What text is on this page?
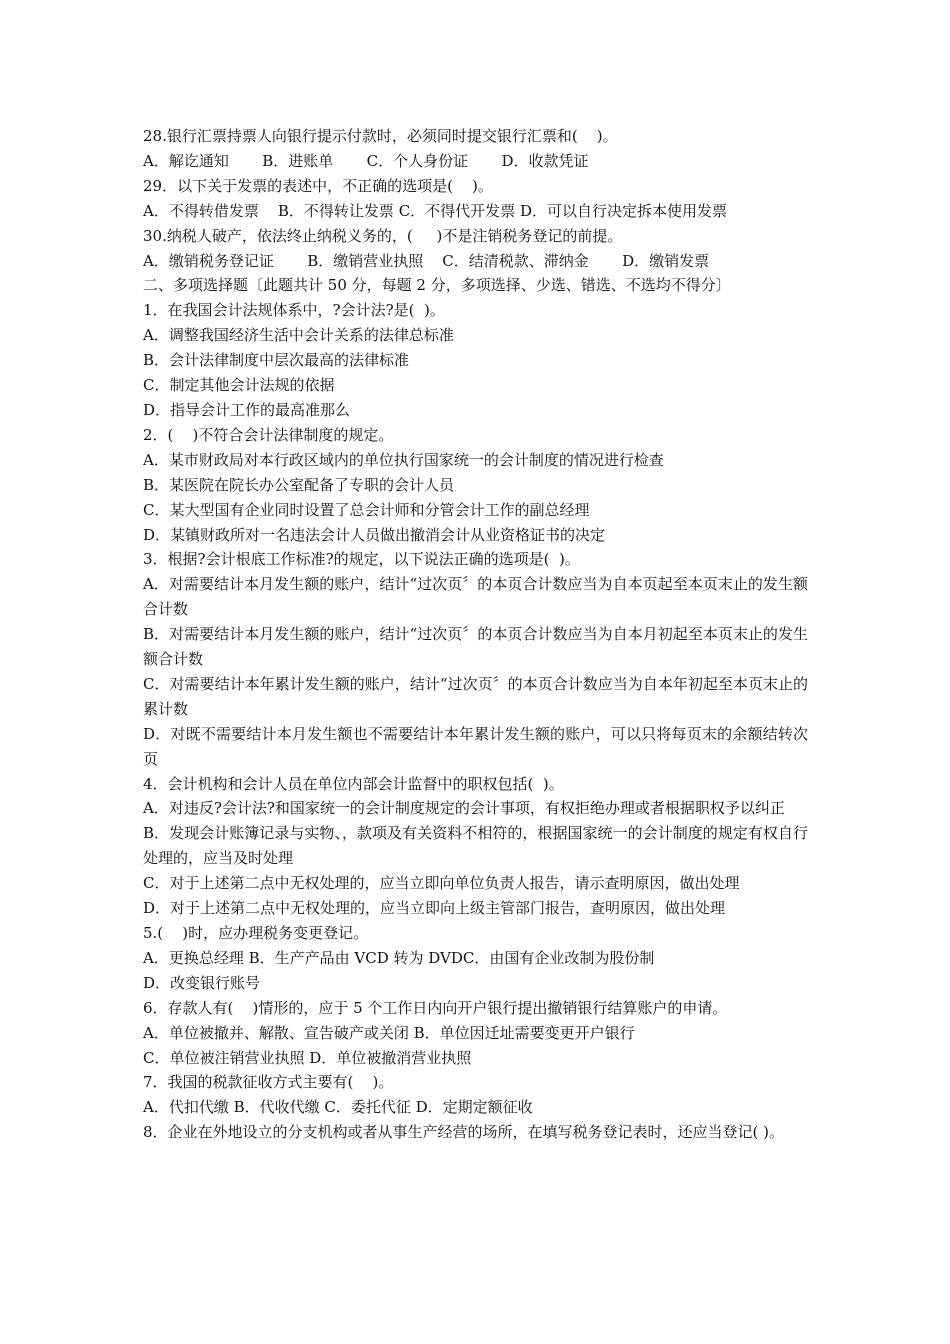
28.银行汇票持票人向银行提示付款时，必须同时提交银行汇票和(    )。
A．解讫通知       B．进账单       C．个人身份证       D．收款凭证
29．以下关于发票的表述中，不正确的选项是(    )。
A．不得转借发票    B．不得转让发票 C．不得代开发票 D．可以自行决定拆本使用发票
30.纳税人破产，依法终止纳税义务的，(     )不是注销税务登记的前提。
A．缴销税务登记证       B．缴销营业执照    C．结清税款、滞纳金       D．缴销发票
二、多项选择题〔此题共计 50 分，每题 2 分，多项选择、少选、错选、不选均不得分〕
1．在我国会计法规体系中，?会计法?是(  )。
A．调整我国经济生活中会计关系的法律总标准
B．会计法律制度中层次最高的法律标准
C．制定其他会计法规的依据
D．指导会计工作的最高准那么
2．(    )不符合会计法律制度的规定。
A．某市财政局对本行政区域内的单位执行国家统一的会计制度的情况进行检查
B．某医院在院长办公室配备了专职的会计人员
C．某大型国有企业同时设置了总会计师和分管会计工作的副总经理
D．某镇财政所对一名违法会计人员做出撤消会计从业资格证书的决定
3．根据?会计根底工作标准?的规定，以下说法正确的选项是(  )。
A．对需要结计本月发生额的账户，结计“过次页〞的本页合计数应当为自本页起至本页末止的发生额合计数
B．对需要结计本月发生额的账户，结计“过次页〞的本页合计数应当为自本月初起至本页末止的发生额合计数
C．对需要结计本年累计发生额的账户，结计“过次页〞的本页合计数应当为自本年初起至本页末止的累计数
D．对既不需要结计本月发生额也不需要结计本年累计发生额的账户，可以只将每页末的余额结转次页
4．会计机构和会计人员在单位内部会计监督中的职权包括(  )。
A．对违反?会计法?和国家统一的会计制度规定的会计事项，有权拒绝办理或者根据职权予以纠正
B．发现会计账簿记录与实物、，款项及有关资料不相符的，根据国家统一的会计制度的规定有权自行处理的，应当及时处理
C．对于上述第二点中无权处理的，应当立即向单位负责人报告，请示查明原因，做出处理
D．对于上述第二点中无权处理的，应当立即向上级主管部门报告，查明原因，做出处理
5.(    )时，应办理税务变更登记。
A．更换总经理 B．生产产品由 VCD 转为 DVDC．由国有企业改制为股份制
D．改变银行账号
6．存款人有(    )情形的，应于 5 个工作日内向开户银行提出撤销银行结算账户的申请。
A．单位被撤并、解散、宣告破产或关闭 B．单位因迁址需要变更开户银行
C．单位被注销营业执照 D．单位被撤消营业执照
7．我国的税款征收方式主要有(    )。
A．代扣代缴 B．代收代缴 C．委托代征 D．定期定额征收
8．企业在外地设立的分支机构或者从事生产经营的场所，在填写税务登记表时，还应当登记( )。
